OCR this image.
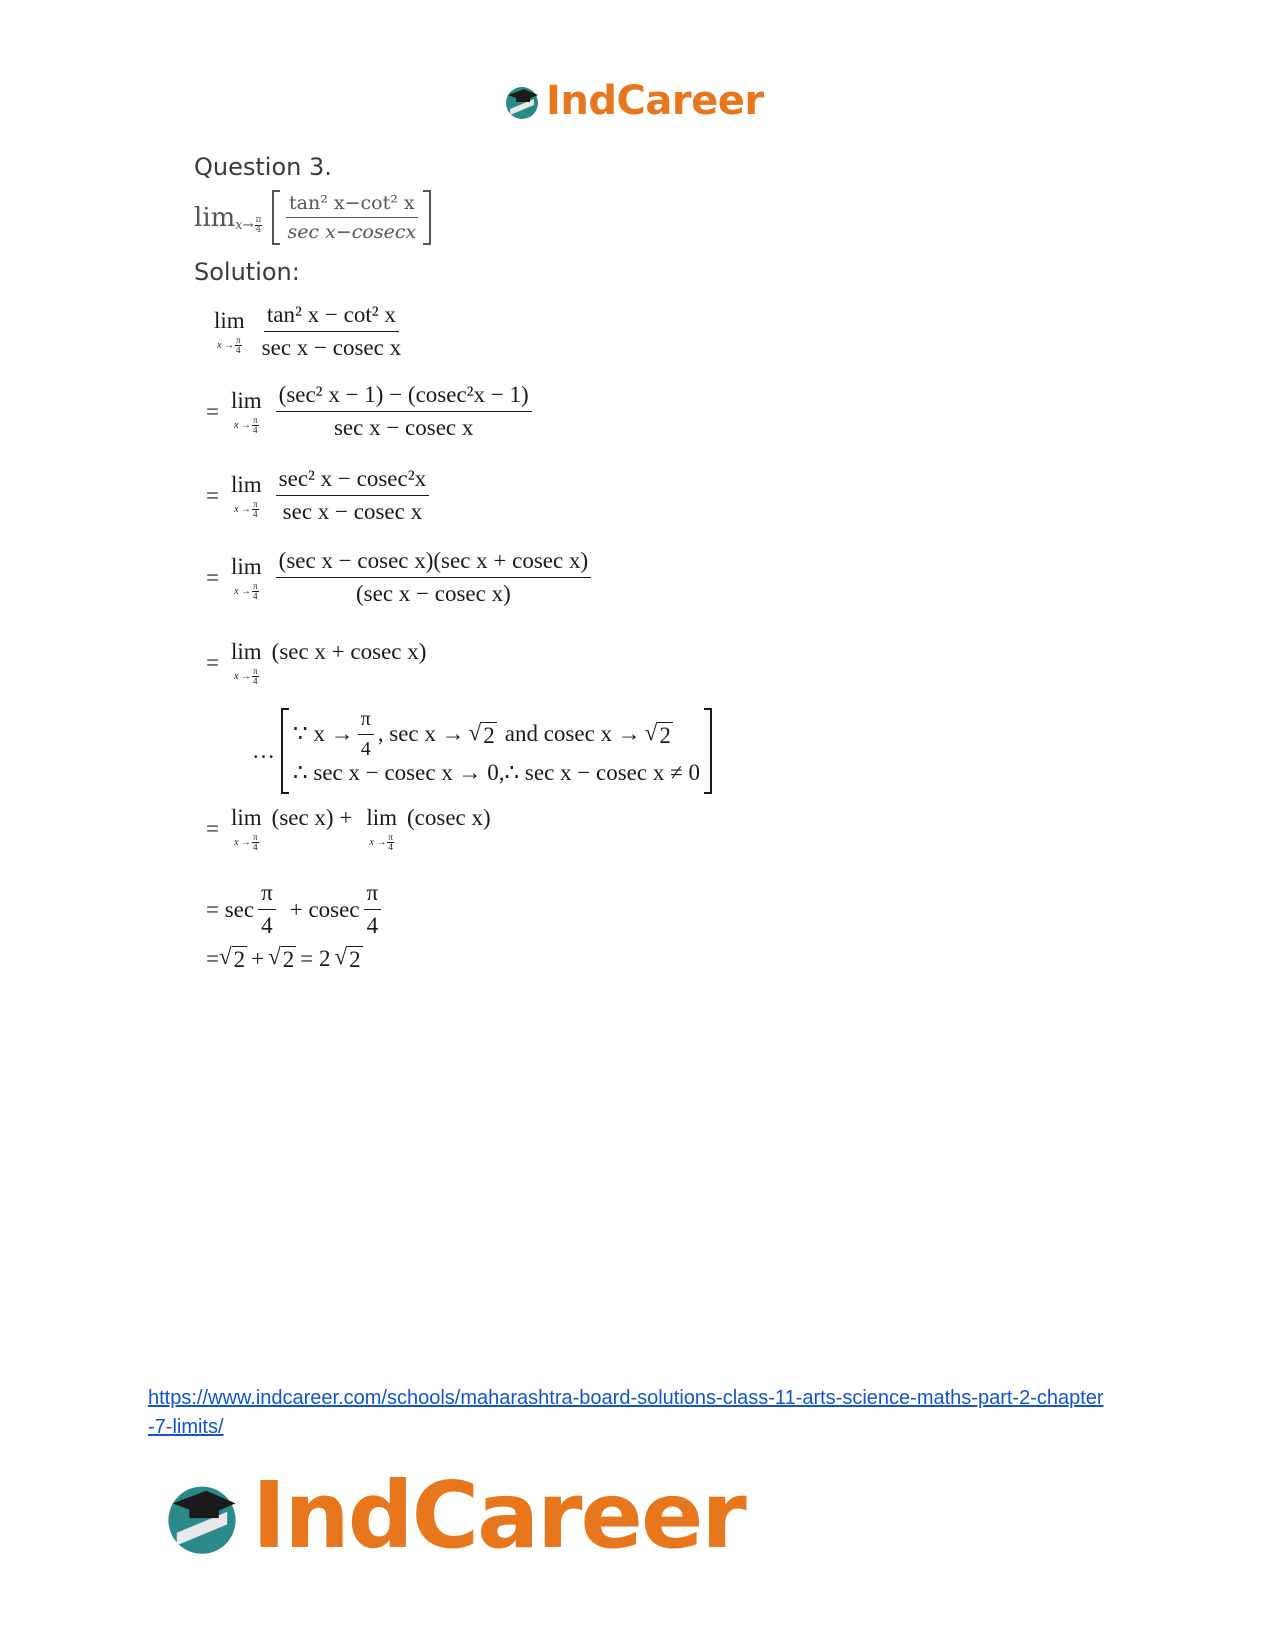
IndCareer
Question 3.
$\lim x\to \frac{\pi}{4} \frac{\text{tan² x−cot² x}}{\text{sec x−cosecx}}$
Solution:
lim
$x \to \frac{\pi}{4} \frac{\text{tan² x − cot² x}}{\text{sec x − cosec x}}$
= lim
$x \to \frac{\pi}{4} \frac{\text{(sec² x − 1) − (cosec²x − 1)}}{\text{sec x − cosec x}}$
= lim
$x \to \frac{\pi}{4} \frac{\text{sec² x − cosec²x}}{\text{sec x − cosec x}}$
= lim
$x \to \frac{\pi}{4} \frac{\text{(sec x − cosec x)(sec x + cosec x)}}{\text{(sec x − cosec x)}}$
= lim
$x \to \frac{\pi}{4}$
(sec x + cosec x)
…
∵ $x \to \frac{\pi}{4}$ , sec x → √ 2 and cosec x → √ 2
∴ sec x − cosec x → 0,∴ sec x − cosec x ≠ 0
= lim
$x \to \frac{\pi}{4}$
(sec x) + lim
$x \to \frac{\pi}{4}$
(cosec x)
= $\sec \frac{\pi}{4} + cosec \frac{\pi}{4}$
= √ 2 + √ 2 = 2 √ 2
https://www.indcareer.com/schools/maharashtra-board-solutions-class-11-arts-science-maths-part-2-chapter-7-limits/
IndCareer
